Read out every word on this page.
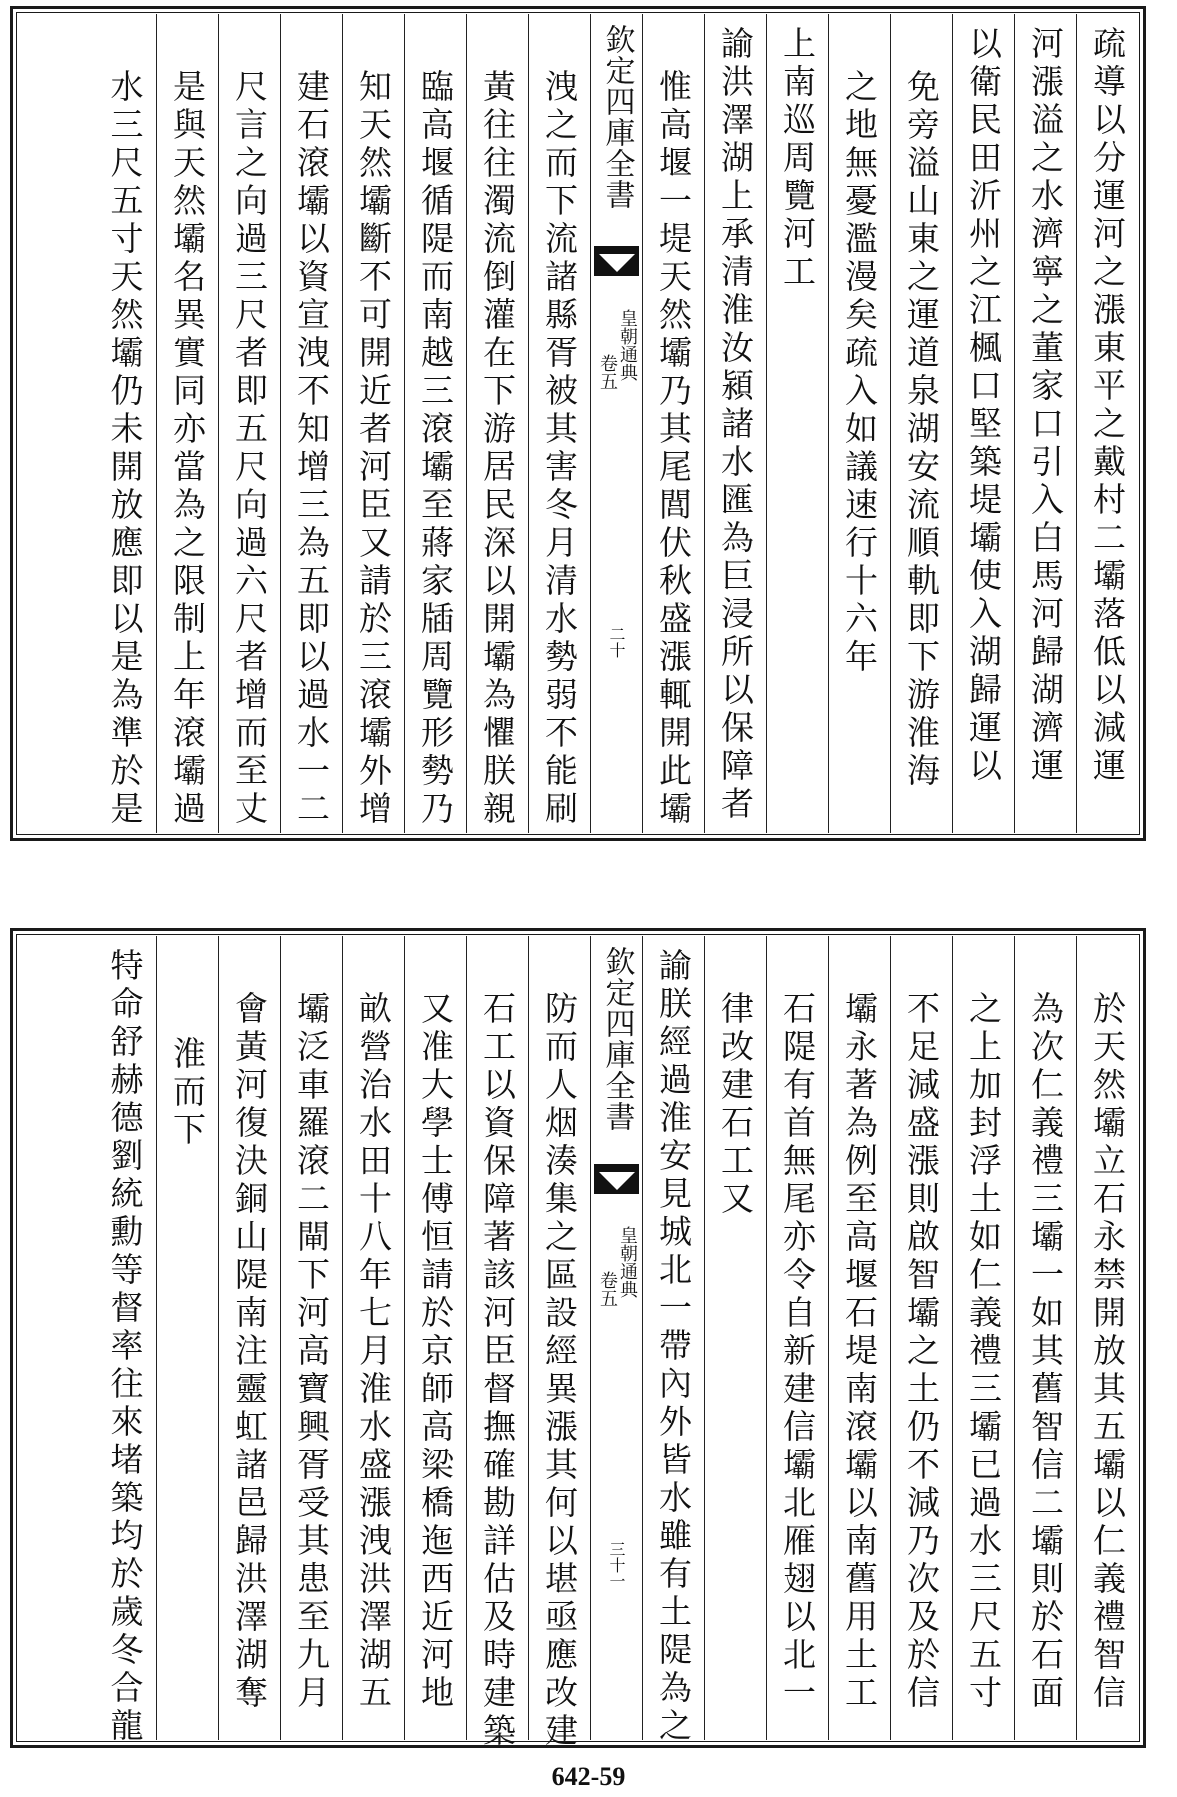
疏導以分運河之漲東平之戴村二壩落低以減運
河漲溢之水濟寧之董家口引入白馬河歸湖濟運
以衛民田沂州之江楓口堅築堤壩使入湖歸運以
免旁溢山東之運道泉湖安流順軌即下游淮海
之地無憂濫漫矣疏入如議速行十六年
上南巡周覽河工
諭洪澤湖上承清淮汝潁諸水匯為巨浸所以保障者
惟高堰一堤天然壩乃其尾閭伏秋盛漲輒開此壩
欽定四庫全書
皇朝通典
卷五
二十
洩之而下流諸縣胥被其害冬月清水勢弱不能刷
黃往往濁流倒灌在下游居民深以開壩為懼朕親
臨高堰循隄而南越三滾壩至蔣家牐周覽形勢乃
知天然壩斷不可開近者河臣又請於三滾壩外增
建石滾壩以資宣洩不知增三為五即以過水一二
尺言之向過三尺者即五尺向過六尺者增而至丈
是與天然壩名異實同亦當為之限制上年滾壩過
水三尺五寸天然壩仍未開放應即以是為準於是
於天然壩立石永禁開放其五壩以仁義禮智信
為次仁義禮三壩一如其舊智信二壩則於石面
之上加封浮土如仁義禮三壩已過水三尺五寸
不足減盛漲則啟智壩之土仍不減乃次及於信
壩永著為例至高堰石堤南滾壩以南舊用土工
石隄有首無尾亦令自新建信壩北雁翅以北一
律改建石工又
諭朕經過淮安見城北一帶內外皆水雖有土隄為之
欽定四庫全書
皇朝通典
卷五
三十一
防而人烟湊集之區設經異漲其何以堪亟應改建
石工以資保障著該河臣督撫確勘詳估及時建築
又准大學士傅恒請於京師高梁橋迤西近河地
畝營治水田十八年七月淮水盛漲洩洪澤湖五
壩泛車羅滾二閘下河高寶興胥受其患至九月
會黃河復決銅山隄南注靈虹諸邑歸洪澤湖奪
淮而下
特命舒赫德劉統勳等督率往來堵築均於歲冬合龍
642-59
